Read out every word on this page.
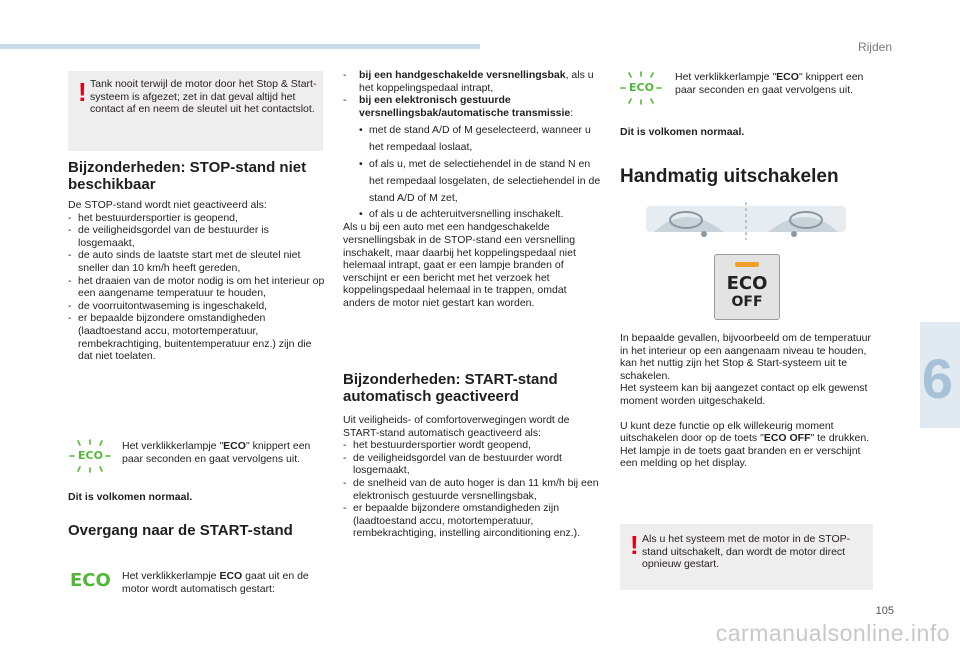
Rijden
6
105
carmanualsonline.info
! Tank nooit terwijl de motor door het Stop & Start-systeem is afgezet; zet in dat geval altijd het contact af en neem de sleutel uit het contactslot.
Bijzonderheden: STOP-stand niet beschikbaar
De STOP-stand wordt niet geactiveerd als:
- het bestuurdersportier is geopend,
- de veiligheidsgordel van de bestuurder is losgemaakt,
- de auto sinds de laatste start met de sleutel niet sneller dan 10 km/h heeft gereden,
- het draaien van de motor nodig is om het interieur op een aangename temperatuur te houden,
- de voorruitontwaseming is ingeschakeld,
- er bepaalde bijzondere omstandigheden (laadtoestand accu, motortemperatuur, rembekrachtiging, buitentemperatuur enz.) zijn die dat niet toelaten.
ECO
Het verklikkerlampje "ECO" knippert een paar seconden en gaat vervolgens uit.
Dit is volkomen normaal.
Overgang naar de START-stand
ECO Het verklikkerlampje ECO gaat uit en de motor wordt automatisch gestart:
-	bij een handgeschakelde versnellingsbak, als u het koppelingspedaal intrapt,
-	bij een elektronisch gestuurde versnellingsbak/automatische transmissie:
• met de stand A/D of M geselecteerd, wanneer u het rempedaal loslaat,
• of als u, met de selectiehendel in de stand N en het rempedaal losgelaten, de selectiehendel in de stand A/D of M zet,
• of als u de achteruitversnelling inschakelt.
Als u bij een auto met een handgeschakelde versnellingsbak in de STOP-stand een versnelling inschakelt, maar daarbij het koppelingspedaal niet helemaal intrapt, gaat er een lampje branden of verschijnt er een bericht met het verzoek het koppelingspedaal helemaal in te trappen, omdat anders de motor niet gestart kan worden.
Bijzonderheden: START-stand automatisch geactiveerd
Uit veiligheids- of comfortoverwegingen wordt de START-stand automatisch geactiveerd als:
- het bestuurdersportier wordt geopend,
- de veiligheidsgordel van de bestuurder wordt losgemaakt,
- de snelheid van de auto hoger is dan 11 km/h bij een elektronisch gestuurde versnellingsbak,
- er bepaalde bijzondere omstandigheden zijn (laadtoestand accu, motortemperatuur, rembekrachtiging, instelling airconditioning enz.).
ECO
Het verklikkerlampje "ECO" knippert een paar seconden en gaat vervolgens uit.
Dit is volkomen normaal.
Handmatig uitschakelen
ECO
OFF
In bepaalde gevallen, bijvoorbeeld om de temperatuur in het interieur op een aangenaam niveau te houden, kan het nuttig zijn het Stop & Start-systeem uit te schakelen.
Het systeem kan bij aangezet contact op elk gewenst moment worden uitgeschakeld.
U kunt deze functie op elk willekeurig moment uitschakelen door op de toets "ECO OFF" te drukken.
Het lampje in de toets gaat branden en er verschijnt een melding op het display.
! Als u het systeem met de motor in de STOP-stand uitschakelt, dan wordt de motor direct opnieuw gestart.
